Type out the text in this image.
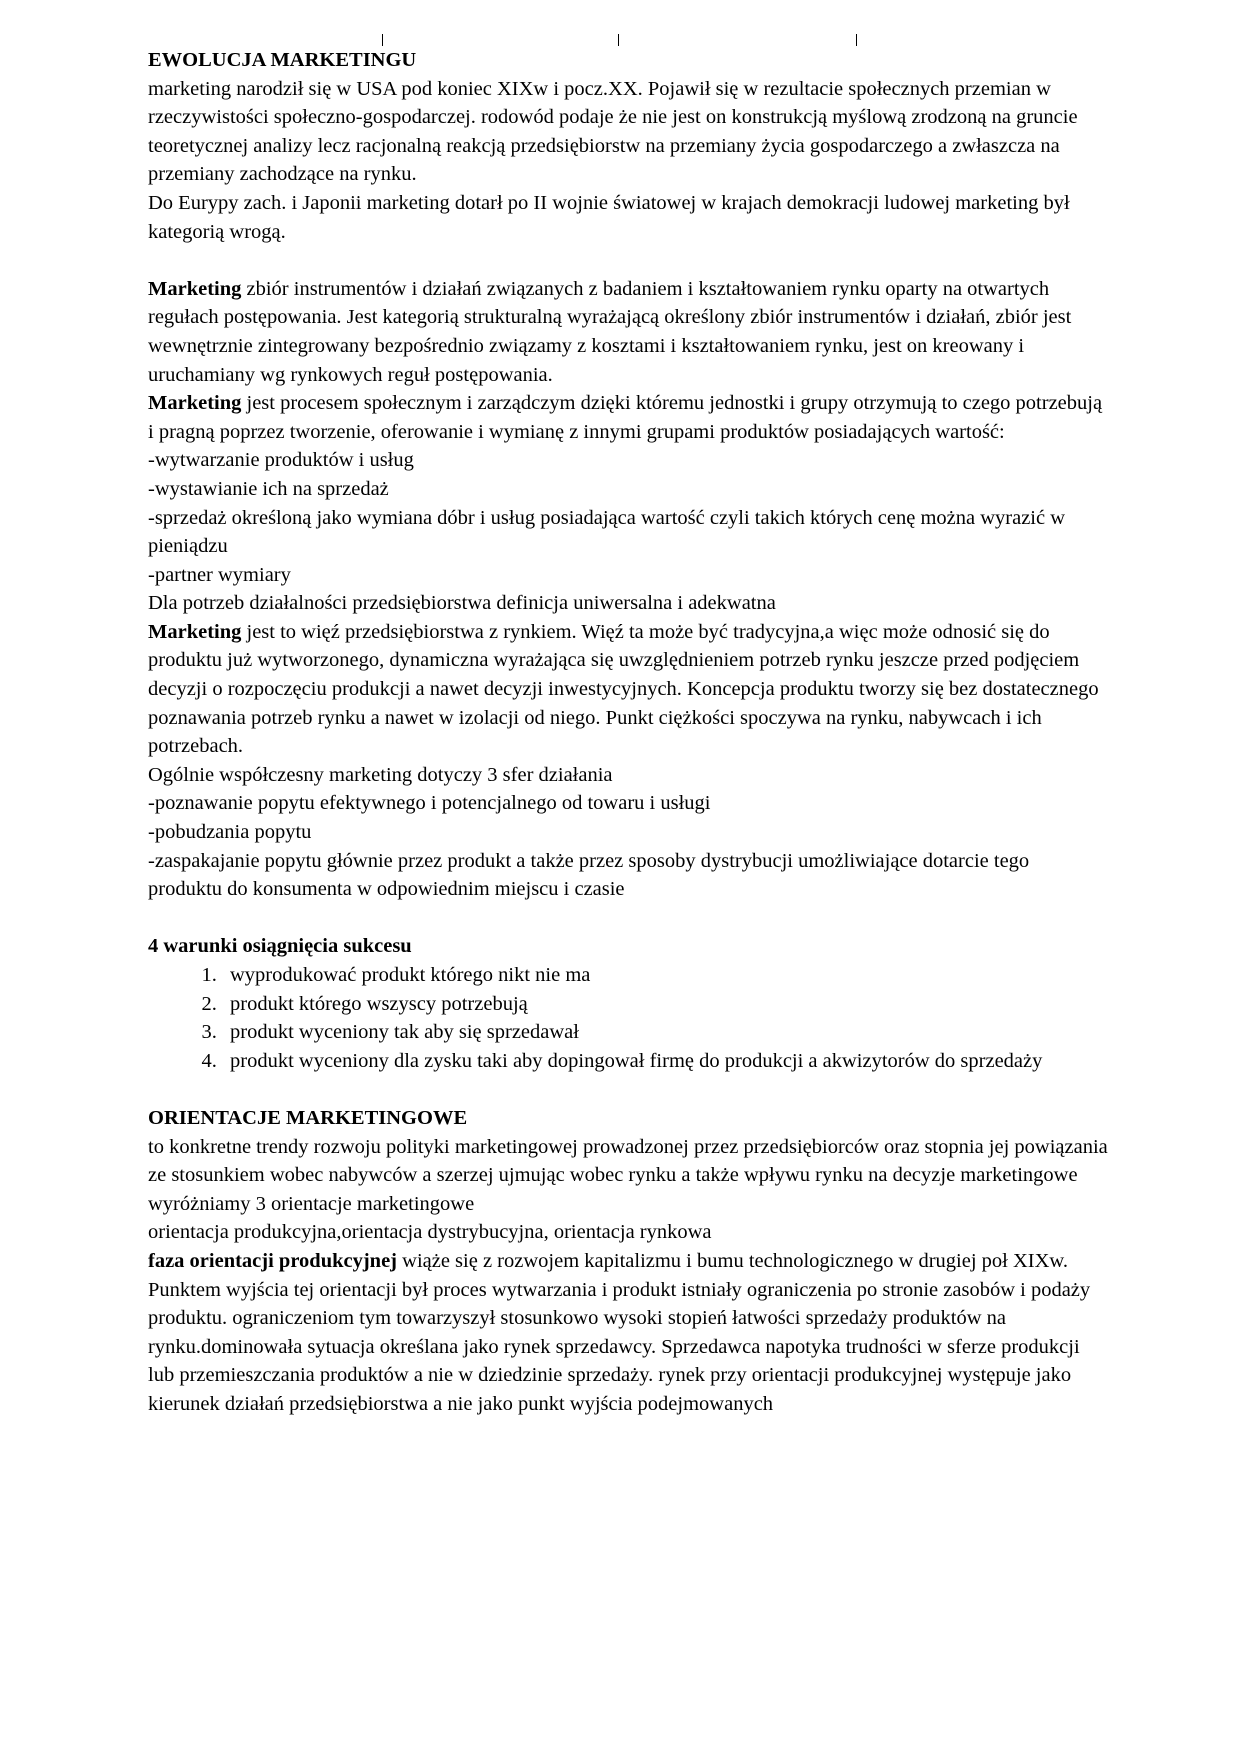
EWOLUCJA MARKETINGU

marketing narodził się w USA pod koniec XIXw i pocz.XX. Pojawił się w rezultacie społecznych przemian w rzeczywistości społeczno-gospodarczej. rodowód podaje że nie jest on konstrukcją myślową zrodzoną na gruncie teoretycznej analizy lecz racjonalną reakcją przedsiębiorstw na przemiany życia gospodarczego a zwłaszcza na przemiany zachodzące na rynku.

Do Eurypy zach. i Japonii marketing dotarł po II wojnie światowej w krajach demokracji ludowej marketing był kategorią wrogą.

Marketing zbiór instrumentów i działań związanych z badaniem i kształtowaniem rynku oparty na otwartych regułach postępowania. Jest kategorią strukturalną wyrażającą określony zbiór instrumentów i działań, zbiór jest wewnętrznie zintegrowany bezpośrednio związamy z kosztami i kształtowaniem rynku, jest on kreowany i uruchamiany wg rynkowych reguł postępowania.

Marketing jest procesem społecznym i zarządczym dzięki któremu jednostki i grupy otrzymują to czego potrzebują i pragną poprzez tworzenie, oferowanie i wymianę z innymi grupami produktów posiadających wartość:

-wytwarzanie produktów i usług

-wystawianie ich na sprzedaż

-sprzedaż określoną jako wymiana dóbr i usług posiadająca wartość czyli takich których cenę można wyrazić w pieniądzu

-partner wymiary

Dla potrzeb działalności przedsiębiorstwa definicja uniwersalna i adekwatna

Marketing jest to więź przedsiębiorstwa z rynkiem. Więź ta może być tradycyjna,a więc może odnosić się do produktu już wytworzonego, dynamiczna wyrażająca się uwzględnieniem potrzeb rynku jeszcze przed podjęciem decyzji o rozpoczęciu produkcji a nawet decyzji inwestycyjnych. Koncepcja produktu tworzy się bez dostatecznego poznawania potrzeb rynku a nawet w izolacji od niego. Punkt ciężkości spoczywa na rynku, nabywcach i ich potrzebach.

Ogólnie współczesny marketing dotyczy 3 sfer działania

-poznawanie popytu efektywnego i potencjalnego od towaru i usługi

-pobudzania popytu

-zaspakajanie popytu głównie przez produkt a także przez sposoby dystrybucji umożliwiające dotarcie tego produktu do konsumenta w odpowiednim miejscu i czasie

4 warunki osiągnięcia sukcesu

1. wyprodukować produkt którego nikt nie ma
2. produkt którego wszyscy potrzebują
3. produkt wyceniony tak aby się sprzedawał
4. produkt wyceniony dla zysku taki aby dopingował firmę do produkcji a akwizytorów do sprzedaży

ORIENTACJE MARKETINGOWE

to konkretne trendy rozwoju polityki marketingowej prowadzonej przez przedsiębiorców oraz stopnia jej powiązania ze stosunkiem wobec nabywców a szerzej ujmując wobec rynku a także wpływu rynku na decyzje marketingowe

wyróżniamy 3 orientacje marketingowe

orientacja produkcyjna,orientacja dystrybucyjna, orientacja rynkowa

faza orientacji produkcyjnej wiąże się z rozwojem kapitalizmu i bumu technologicznego w drugiej poł XIXw. Punktem wyjścia tej orientacji był proces wytwarzania i produkt istniały ograniczenia po stronie zasobów i podaży produktu. ograniczeniom tym towarzyszył stosunkowo wysoki stopień łatwości sprzedaży produktów na rynku.dominowała sytuacja określana jako rynek sprzedawcy. Sprzedawca napotyka trudności w sferze produkcji lub przemieszczania produktów a nie w dziedzinie sprzedaży. rynek przy orientacji produkcyjnej występuje jako kierunek działań przedsiębiorstwa a nie jako punkt wyjścia podejmowanych
